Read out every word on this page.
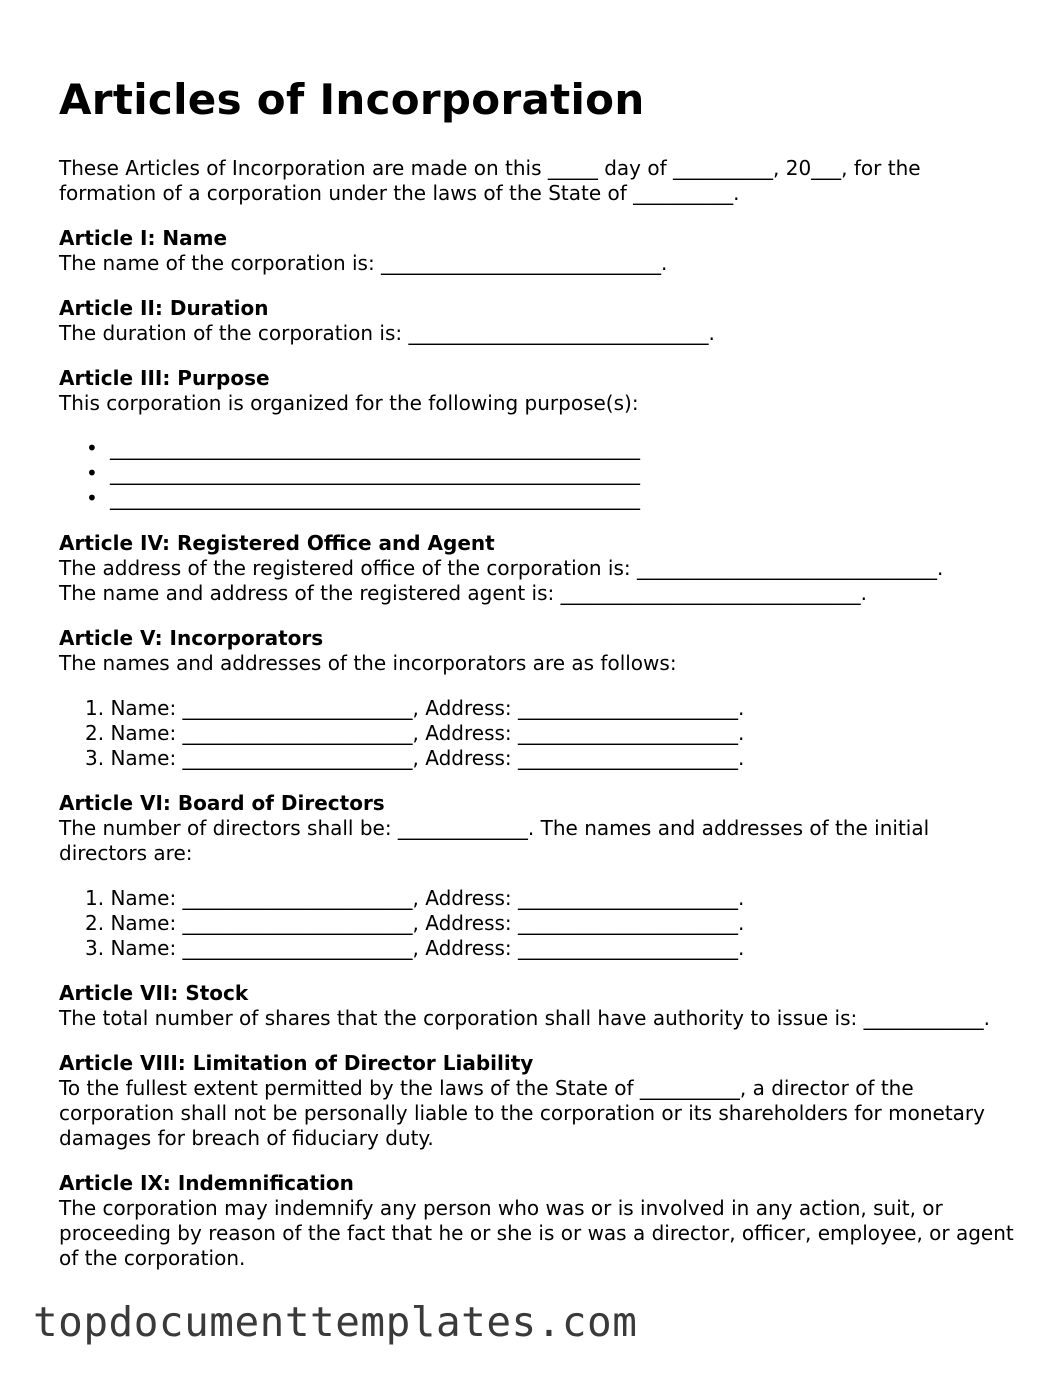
Articles of Incorporation

These Articles of Incorporation are made on this _____ day of __________, 20___, for the formation of a corporation under the laws of the State of __________.

Article I: Name

The name of the corporation is: ____________________________.

Article II: Duration

The duration of the corporation is: ______________________________.

Article III: Purpose

This corporation is organized for the following purpose(s):

• _____________________________________________________
• _____________________________________________________
• _____________________________________________________
Article IV: Registered Office and Agent

The address of the registered office of the corporation is: ______________________________.

The name and address of the registered agent is: ______________________________.

Article V: Incorporators

The names and addresses of the incorporators are as follows:

1. Name: _______________________, Address: ______________________.
2. Name: _______________________, Address: ______________________.
3. Name: _______________________, Address: ______________________.
Article VI: Board of Directors

The number of directors shall be: _____________. The names and addresses of the initial directors are:

1. Name: _______________________, Address: ______________________.
2. Name: _______________________, Address: ______________________.
3. Name: _______________________, Address: ______________________.
Article VII: Stock

The total number of shares that the corporation shall have authority to issue is: ____________.

Article VIII: Limitation of Director Liability

To the fullest extent permitted by the laws of the State of __________, a director of the corporation shall not be personally liable to the corporation or its shareholders for monetary damages for breach of fiduciary duty.

Article IX: Indemnification

The corporation may indemnify any person who was or is involved in any action, suit, or proceeding by reason of the fact that he or she is or was a director, officer, employee, or agent of the corporation.

topdocumenttemplates.com
